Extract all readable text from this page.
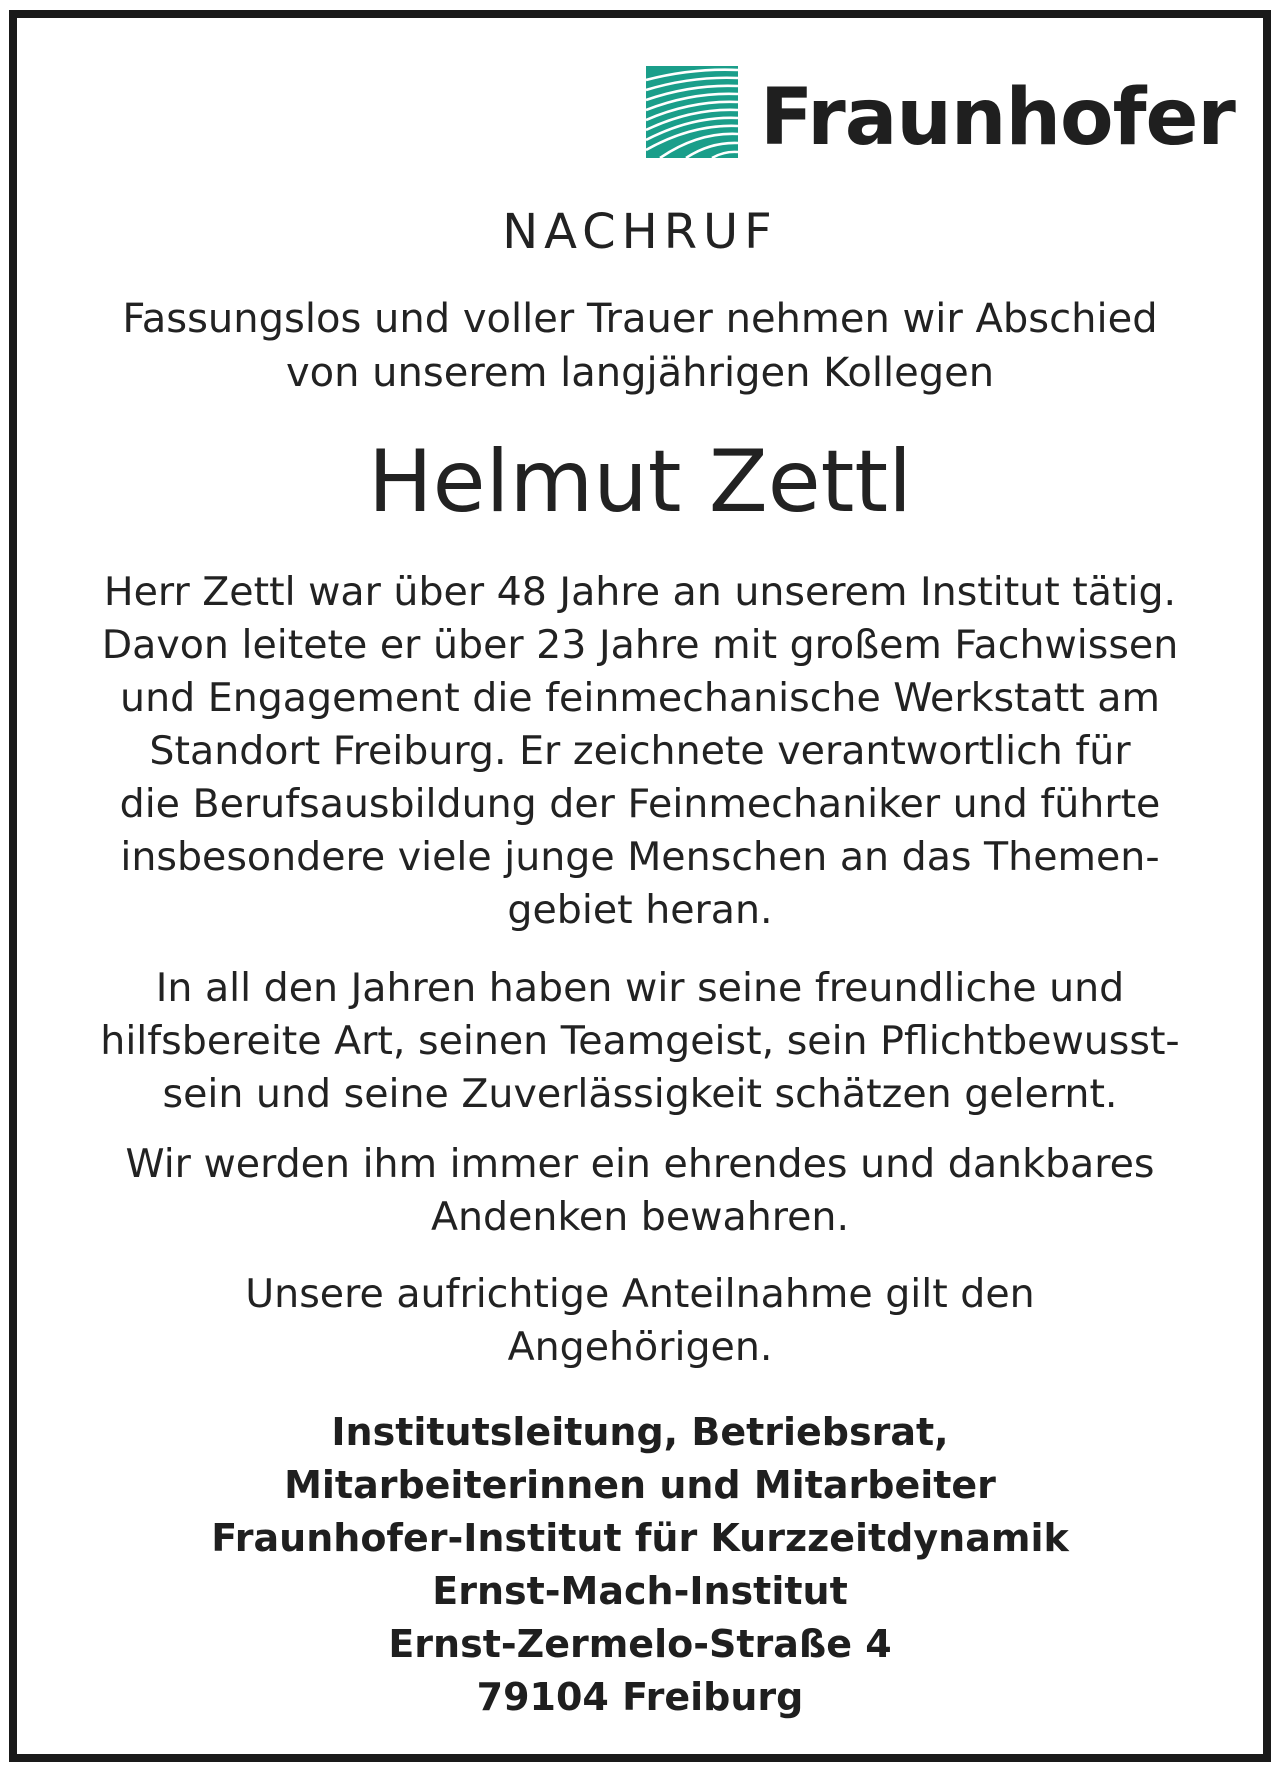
Fraunhofer
NACHRUF
Fassungslos und voller Trauer nehmen wir Abschied
von unserem langjährigen Kollegen
Helmut Zettl
Herr Zettl war über 48 Jahre an unserem Institut tätig.
Davon leitete er über 23 Jahre mit großem Fachwissen
und Engagement die feinmechanische Werkstatt am
Standort Freiburg. Er zeichnete verantwortlich für
die Berufsausbildung der Feinmechaniker und führte
insbesondere viele junge Menschen an das Themen-
gebiet heran.
In all den Jahren haben wir seine freundliche und
hilfsbereite Art, seinen Teamgeist, sein Pflichtbewusst-
sein und seine Zuverlässigkeit schätzen gelernt.
Wir werden ihm immer ein ehrendes und dankbares
Andenken bewahren.
Unsere aufrichtige Anteilnahme gilt den
Angehörigen.
Institutsleitung, Betriebsrat,
Mitarbeiterinnen und Mitarbeiter
Fraunhofer-Institut für Kurzzeitdynamik
Ernst-Mach-Institut
Ernst-Zermelo-Straße 4
79104 Freiburg
